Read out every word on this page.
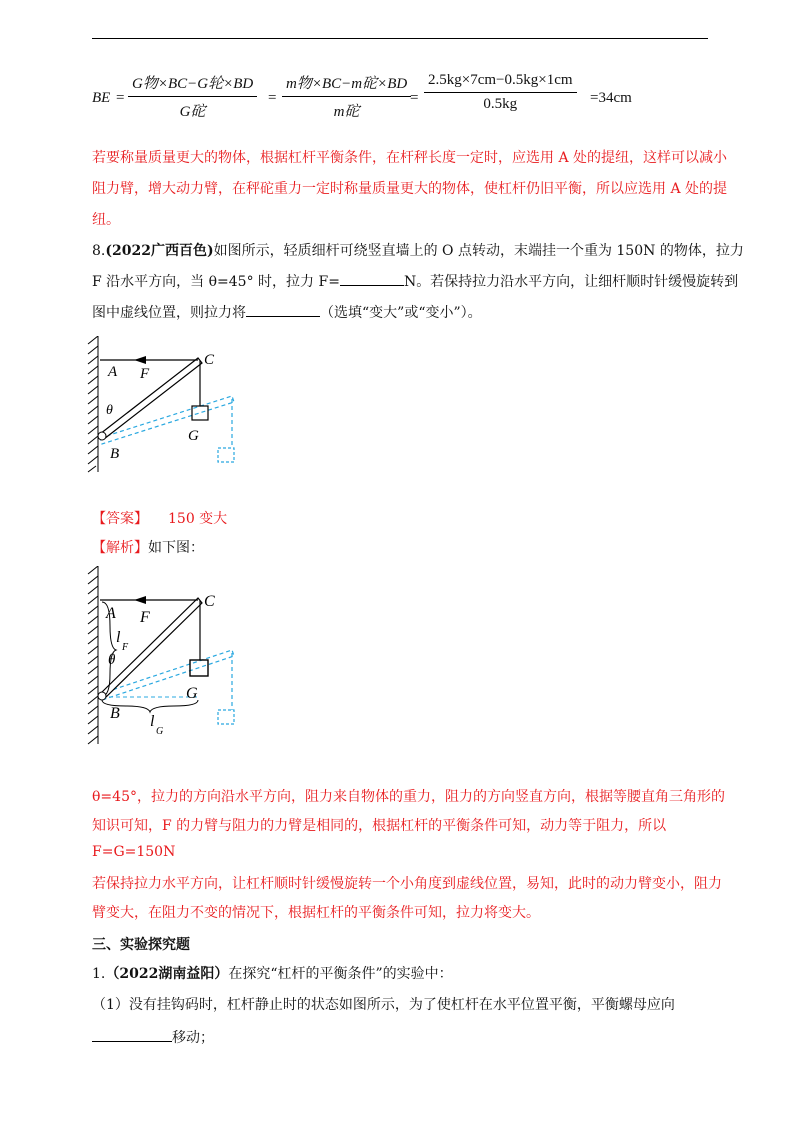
BE =
G物×BC−G轮×BD
G砣
=
m物×BC−m砣×BD
m砣
= $\frac{2.5kg\times 7cm-0.5kg\times 1cm}{0.5kg} =34cm$
若要称量质量更大的物体，根据杠杆平衡条件，在杆秤长度一定时，应选用 A 处的提纽，这样可以减小
阻力臂，增大动力臂，在秤砣重力一定时称量质量更大的物体，使杠杆仍旧平衡，所以应选用 A 处的提
纽。
8.(2022广西百色)如图所示，轻质细杆可绕竖直墙上的 O 点转动，末端挂一个重为 150N 的物体，拉力
F 沿水平方向，当 θ=45° 时，拉力 F=	N。若保持拉力沿水平方向，让细杆顺时针缓慢旋转到
图中虚线位置，则拉力将	（选填“变大”或“变小”）。
C
A F
θ
G
B
【答案】 150 变大
【解析】如下图：
C
A F
l
F
θ
G
B l
G
θ=45°，拉力的方向沿水平方向，阻力来自物体的重力，阻力的方向竖直方向，根据等腰直角三角形的
知识可知，F 的力臂与阻力的力臂是相同的，根据杠杆的平衡条件可知，动力等于阻力，所以
F=G=150N
若保持拉力水平方向，让杠杆顺时针缓慢旋转一个小角度到虚线位置，易知，此时的动力臂变小，阻力
臂变大，在阻力不变的情况下，根据杠杆的平衡条件可知，拉力将变大。
三、实验探究题
1.（2022湖南益阳）在探究“杠杆的平衡条件”的实验中：
（1）没有挂钩码时，杠杆静止时的状态如图所示，为了使杠杆在水平位置平衡，平衡螺母应向
移动；
